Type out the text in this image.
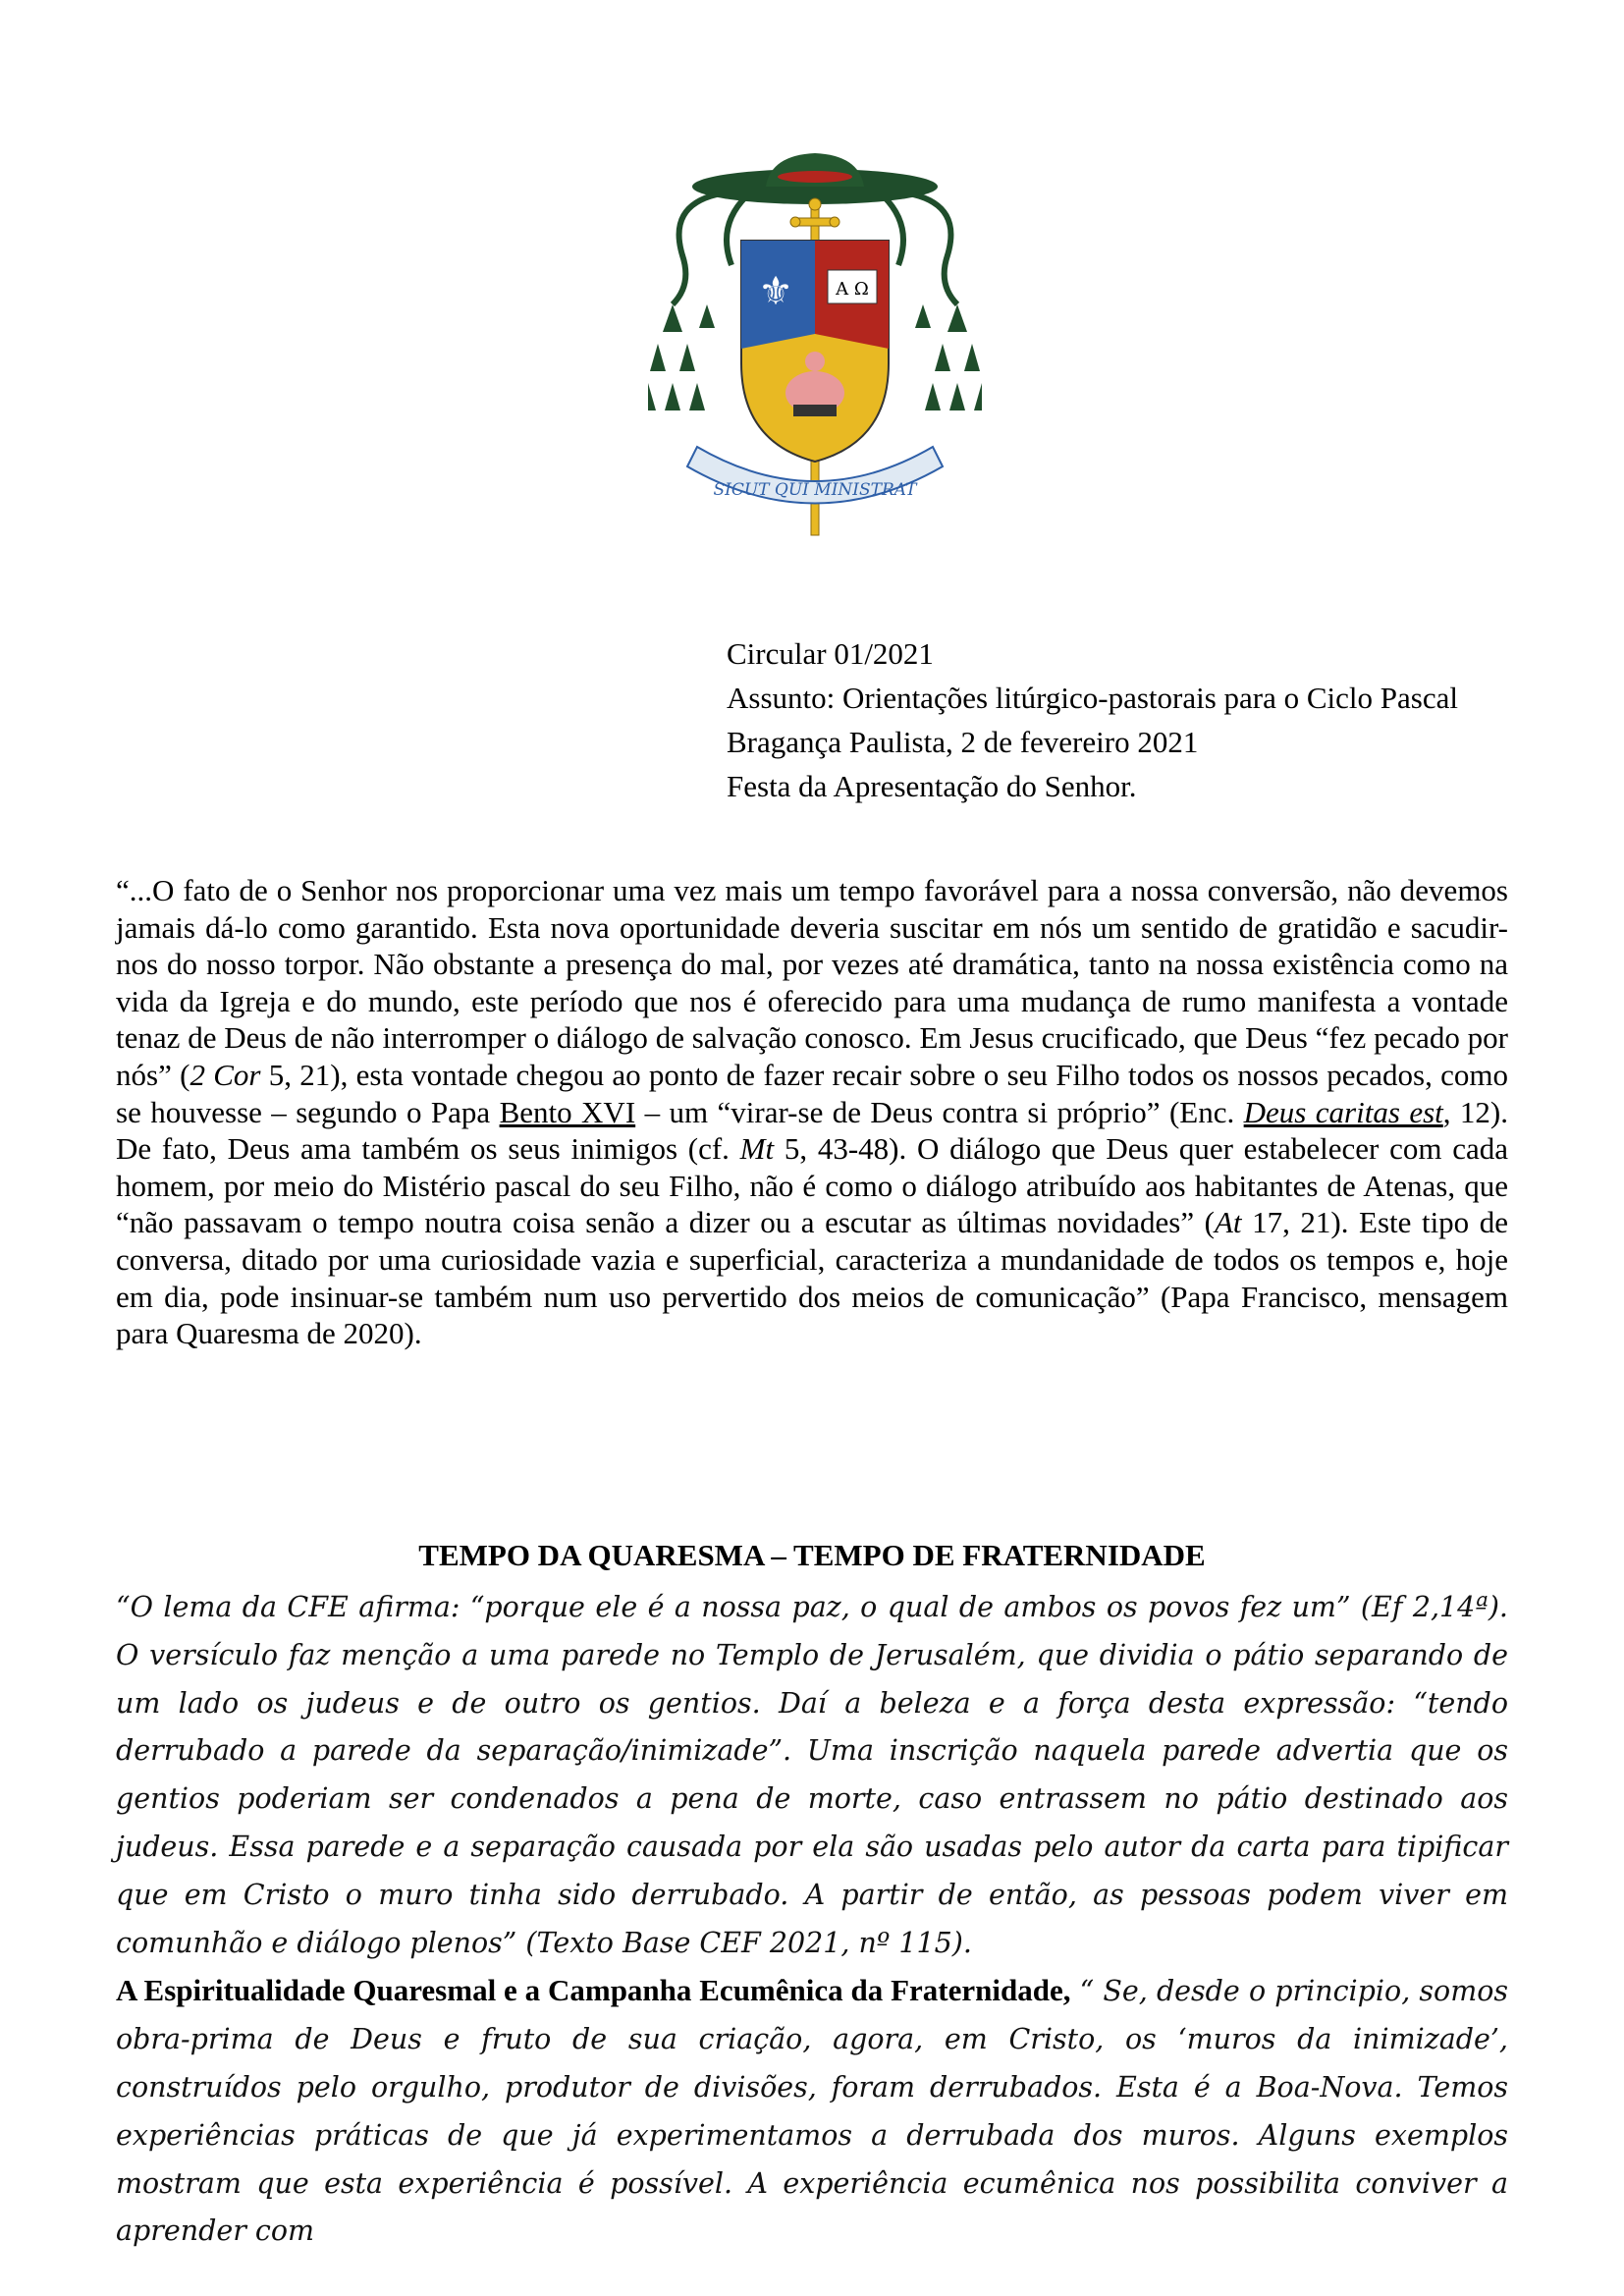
⚜ A Ω
SICUT QUI MINISTRAT
Circular 01/2021
Assunto: Orientações litúrgico-pastorais para o Ciclo Pascal
Bragança Paulista, 2 de fevereiro 2021
Festa da Apresentação do Senhor.

“...O fato de o Senhor nos proporcionar uma vez mais um tempo favorável para a nossa conversão, não devemos jamais dá-lo como garantido. Esta nova oportunidade deveria suscitar em nós um sentido de gratidão e sacudir-nos do nosso torpor. Não obstante a presença do mal, por vezes até dramática, tanto na nossa existência como na vida da Igreja e do mundo, este período que nos é oferecido para uma mudança de rumo manifesta a vontade tenaz de Deus de não interromper o diálogo de salvação conosco. Em Jesus crucificado, que Deus “fez pecado por nós” (2 Cor 5, 21), esta vontade chegou ao ponto de fazer recair sobre o seu Filho todos os nossos pecados, como se houvesse – segundo o Papa Bento XVI – um “virar-se de Deus contra si próprio” (Enc. Deus caritas est, 12). De fato, Deus ama também os seus inimigos (cf. Mt 5, 43-48). O diálogo que Deus quer estabelecer com cada homem, por meio do Mistério pascal do seu Filho, não é como o diálogo atribuído aos habitantes de Atenas, que “não passavam o tempo noutra coisa senão a dizer ou a escutar as últimas novidades” (At 17, 21). Este tipo de conversa, ditado por uma curiosidade vazia e superficial, caracteriza a mundanidade de todos os tempos e, hoje em dia, pode insinuar-se também num uso pervertido dos meios de comunicação” (Papa Francisco, mensagem para Quaresma de 2020).

TEMPO DA QUARESMA – TEMPO DE FRATERNIDADE

“O lema da CFE afirma: “porque ele é a nossa paz, o qual de ambos os povos fez um” (Ef 2,14ª). O versículo faz menção a uma parede no Templo de Jerusalém, que dividia o pátio separando de um lado os judeus e de outro os gentios. Daí a beleza e a força desta expressão: “tendo derrubado a parede da separação/inimizade”. Uma inscrição naquela parede advertia que os gentios poderiam ser condenados a pena de morte, caso entrassem no pátio destinado aos judeus. Essa parede e a separação causada por ela são usadas pelo autor da carta para tipificar que em Cristo o muro tinha sido derrubado. A partir de então, as pessoas podem viver em comunhão e diálogo plenos” (Texto Base CEF 2021, nº 115).

A Espiritualidade Quaresmal e a Campanha Ecumênica da Fraternidade, “ Se, desde o principio, somos obra-prima de Deus e fruto de sua criação, agora, em Cristo, os ‘muros da inimizade’, construídos pelo orgulho, produtor de divisões, foram derrubados. Esta é a Boa-Nova. Temos experiências práticas de que já experimentamos a derrubada dos muros. Alguns exemplos mostram que esta experiência é possível. A experiência ecumênica nos possibilita conviver a aprender com
